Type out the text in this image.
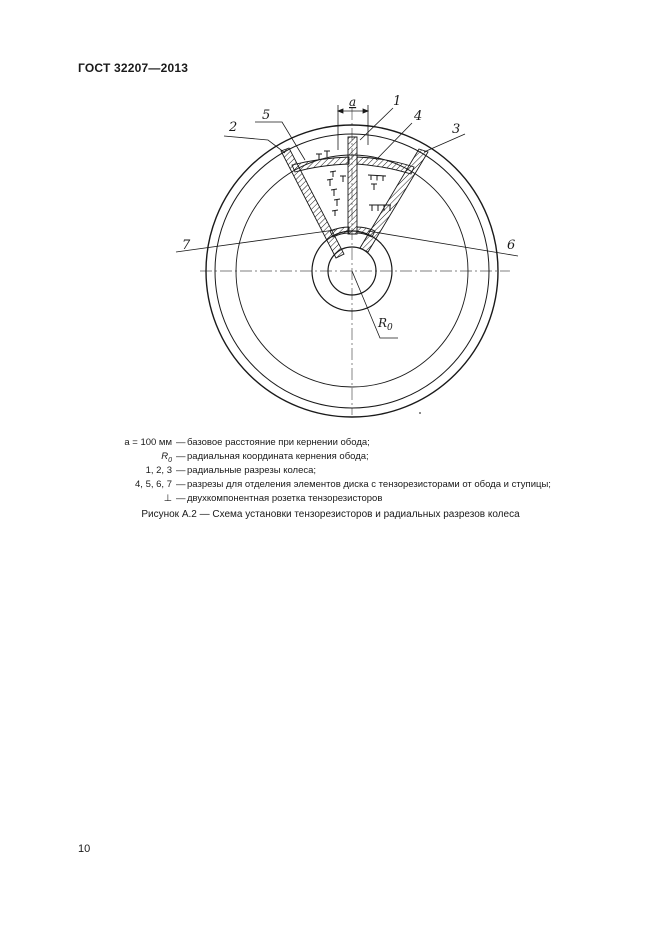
ГОСТ 32207—2013
a	1
4
3
2
5
7	6
$R_0$
a = 100 мм — базовое расстояние при кернении обода;
$R_0$ — радиальная координата кернения обода;
1, 2, 3 — радиальные разрезы колеса;
4, 5, 6, 7 — разрезы для отделения элементов диска с тензорезисторами от обода и ступицы;
⊥ — двухкомпонентная розетка тензорезисторов
Рисунок А.2 — Схема установки тензорезисторов и радиальных разрезов колеса
10
